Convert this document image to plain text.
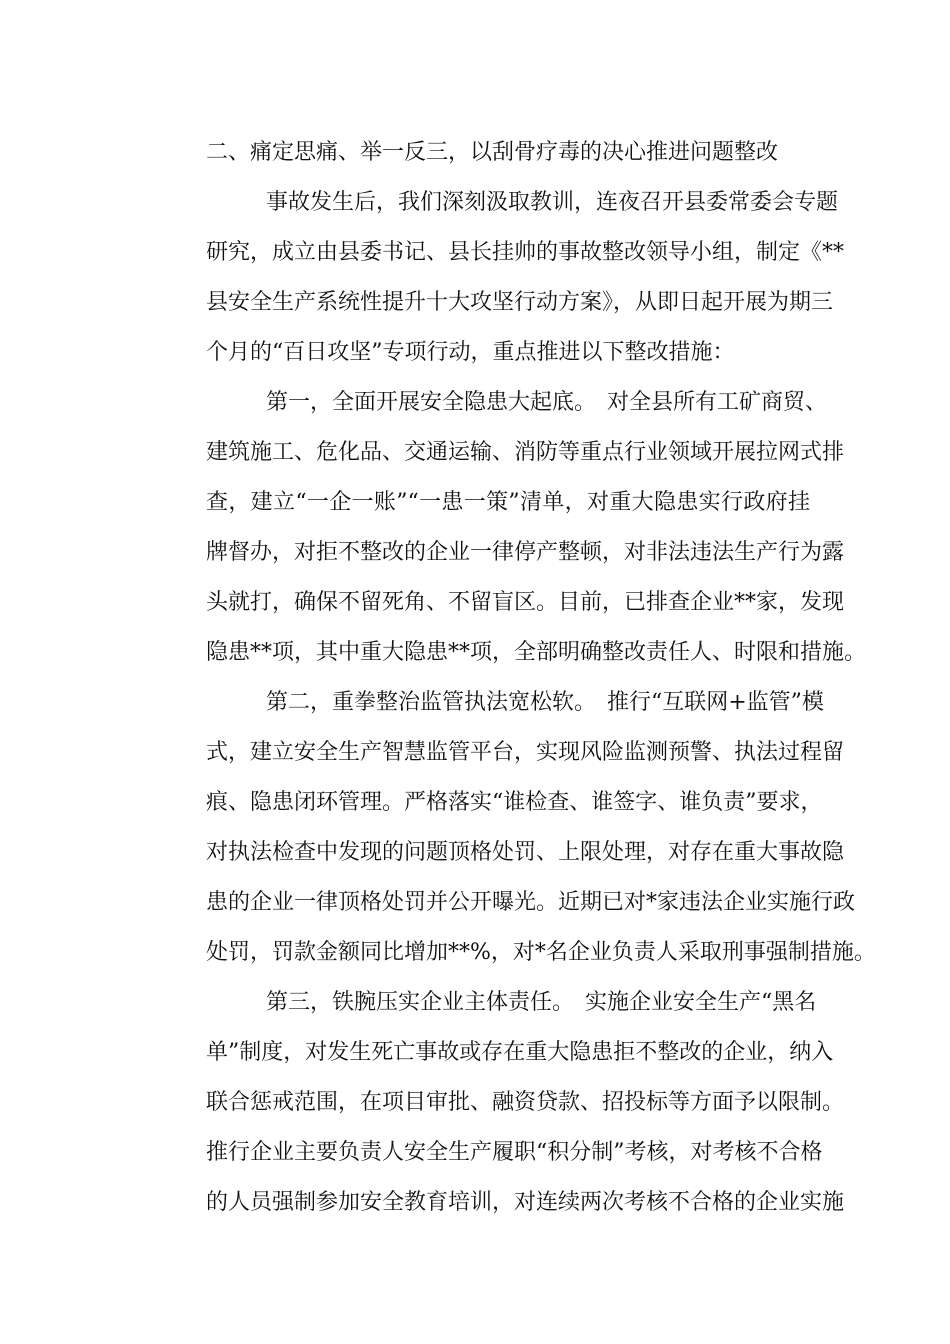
二、痛定思痛、举一反三，以刮骨疗毒的决心推进问题整改
事故发生后，我们深刻汲取教训，连夜召开县委常委会专题
研究，成立由县委书记、县长挂帅的事故整改领导小组，制定《**
县安全生产系统性提升十大攻坚行动方案》，从即日起开展为期三
个月的“百日攻坚”专项行动，重点推进以下整改措施：
第一，全面开展安全隐患大起底。　对全县所有工矿商贸、
建筑施工、危化品、交通运输、消防等重点行业领域开展拉网式排
查，建立“一企一账”“一患一策”清单，对重大隐患实行政府挂
牌督办，对拒不整改的企业一律停产整顿，对非法违法生产行为露
头就打，确保不留死角、不留盲区。目前，已排查企业**家，发现
隐患**项，其中重大隐患**项，全部明确整改责任人、时限和措施。
第二，重拳整治监管执法宽松软。　推行“互联网+监管”模
式，建立安全生产智慧监管平台，实现风险监测预警、执法过程留
痕、隐患闭环管理。严格落实“谁检查、谁签字、谁负责”要求，
对执法检查中发现的问题顶格处罚、上限处理，对存在重大事故隐
患的企业一律顶格处罚并公开曝光。近期已对*家违法企业实施行政
处罚，罚款金额同比增加**%，对*名企业负责人采取刑事强制措施。
第三，铁腕压实企业主体责任。　实施企业安全生产“黑名
单”制度，对发生死亡事故或存在重大隐患拒不整改的企业，纳入
联合惩戒范围，在项目审批、融资贷款、招投标等方面予以限制。
推行企业主要负责人安全生产履职“积分制”考核，对考核不合格
的人员强制参加安全教育培训，对连续两次考核不合格的企业实施
